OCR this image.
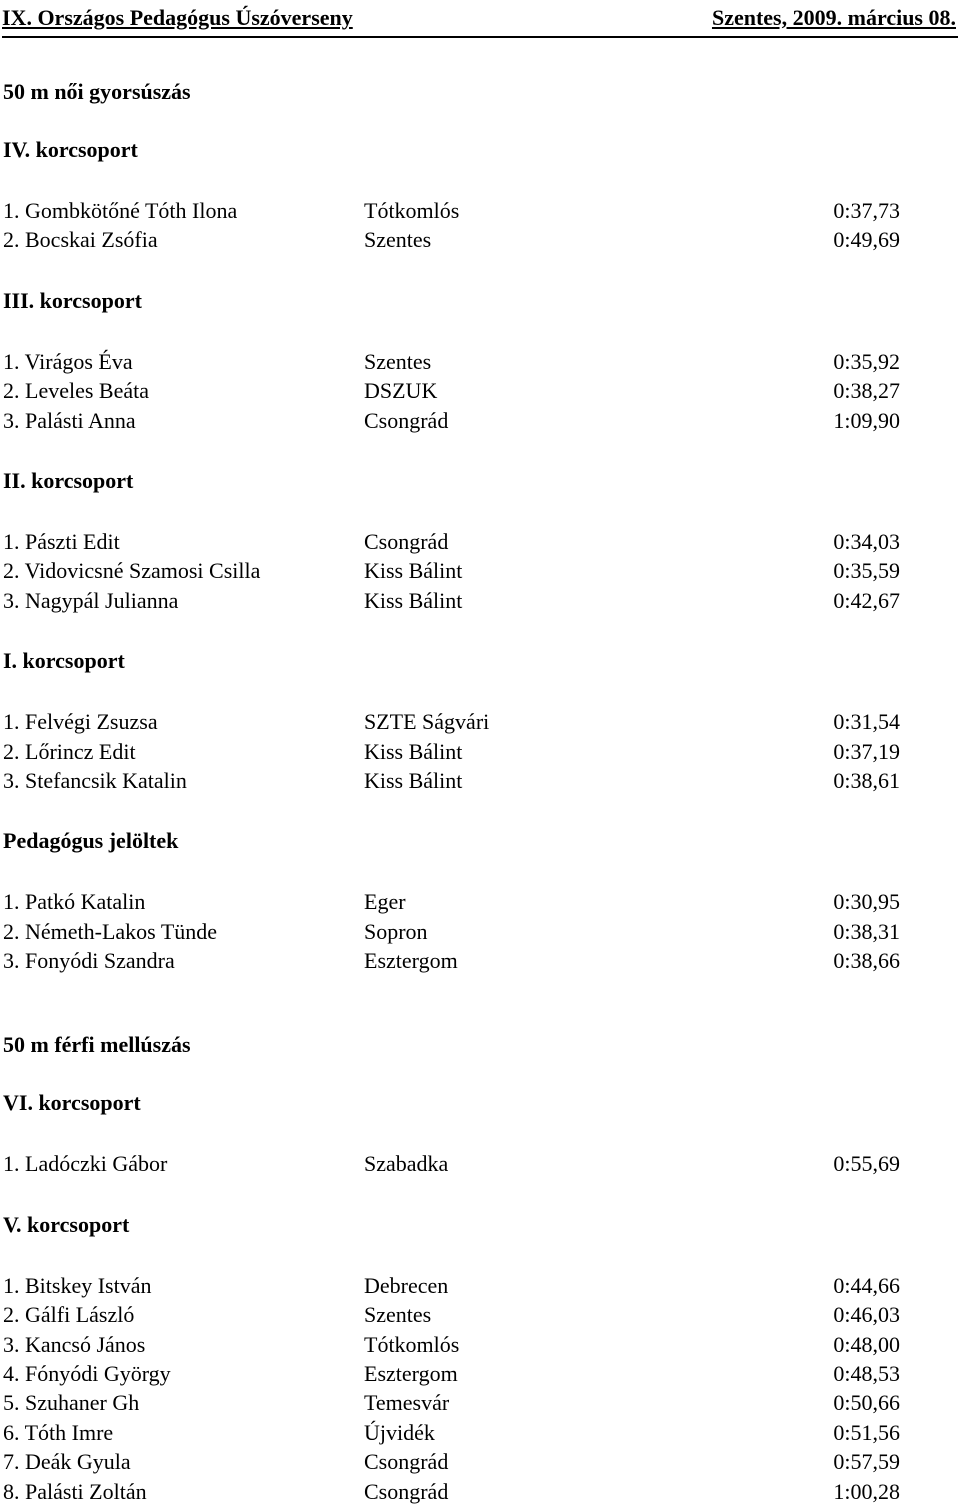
IX. Országos Pedagógus Úszóverseny	Szentes, 2009. március 08.
50 m női gyorsúszás
IV. korcsoport
1. Gombkötőné Tóth Ilona	Tótkomlós	0:37,73
2. Bocskai Zsófia	Szentes	0:49,69
III. korcsoport
1. Virágos Éva	Szentes	0:35,92
2. Leveles Beáta	DSZUK	0:38,27
3. Palásti Anna	Csongrád	1:09,90
II. korcsoport
1. Pászti Edit	Csongrád	0:34,03
2. Vidovicsné Szamosi Csilla	Kiss Bálint	0:35,59
3. Nagypál Julianna	Kiss Bálint	0:42,67
I. korcsoport
1. Felvégi Zsuzsa	SZTE Ságvári	0:31,54
2. Lőrincz Edit	Kiss Bálint	0:37,19
3. Stefancsik Katalin	Kiss Bálint	0:38,61
Pedagógus jelöltek
1. Patkó Katalin	Eger	0:30,95
2. Németh-Lakos Tünde	Sopron	0:38,31
3. Fonyódi Szandra	Esztergom	0:38,66
50 m férfi mellúszás
VI. korcsoport
1. Ladóczki Gábor	Szabadka	0:55,69
V. korcsoport
1. Bitskey István	Debrecen	0:44,66
2. Gálfi László	Szentes	0:46,03
3. Kancsó János	Tótkomlós	0:48,00
4. Fónyódi György	Esztergom	0:48,53
5. Szuhaner Gh	Temesvár	0:50,66
6. Tóth Imre	Újvidék	0:51,56
7. Deák Gyula	Csongrád	0:57,59
8. Palásti Zoltán	Csongrád	1:00,28
